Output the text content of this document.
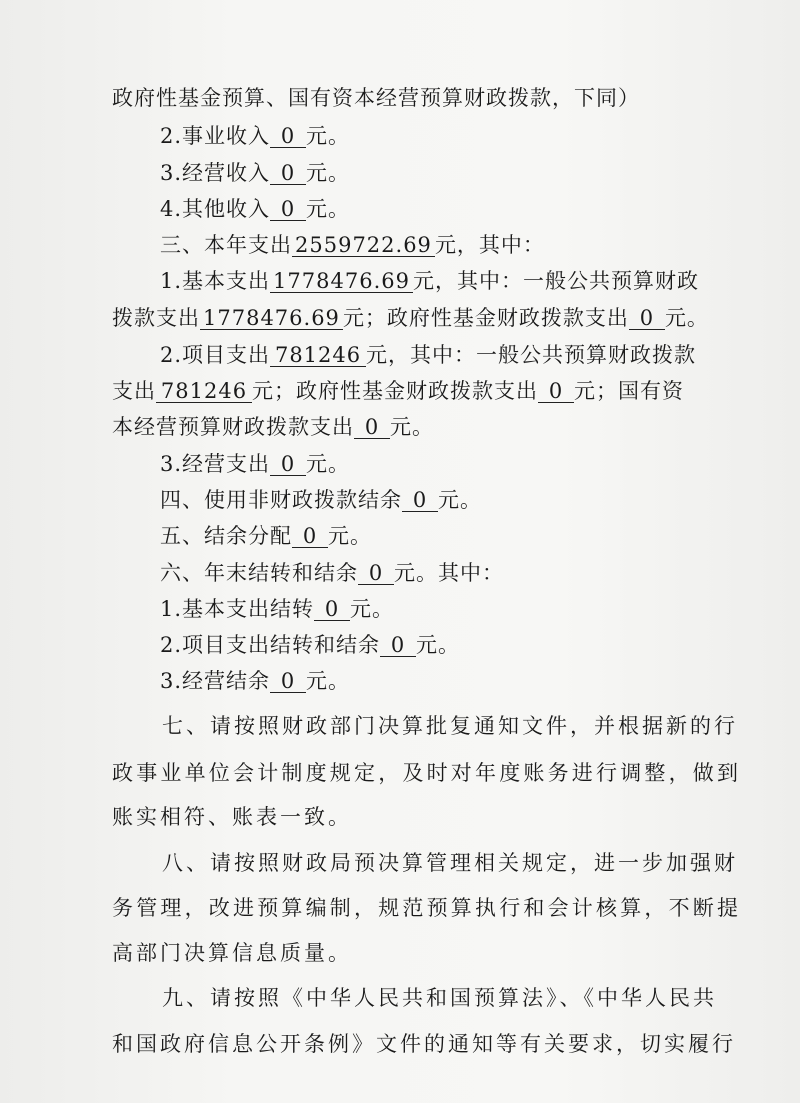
政府性基金预算、国有资本经营预算财政拨款，下同）
2.事业收入 0 元。
3.经营收入 0 元。
4.其他收入 0 元。
三、本年支出 2559722.69 元，其中：
1.基本支出 1778476.69 元，其中：一般公共预算财政
拨款支出 1778476.69 元；政府性基金财政拨款支出 0 元。
2.项目支出 781246 元，其中：一般公共预算财政拨款
支出 781246 元；政府性基金财政拨款支出 0 元；国有资
本经营预算财政拨款支出 0 元。
3.经营支出 0 元。
四、使用非财政拨款结余 0 元。
五、结余分配 0 元。
六、年末结转和结余 0 元。其中：
1.基本支出结转 0 元。
2.项目支出结转和结余 0 元。
3.经营结余 0 元。
七、请按照财政部门决算批复通知文件，并根据新的行
政事业单位会计制度规定，及时对年度账务进行调整，做到
账实相符、账表一致。
八、请按照财政局预决算管理相关规定，进一步加强财
务管理，改进预算编制，规范预算执行和会计核算，不断提
高部门决算信息质量。
九、请按照《中华人民共和国预算法》、《中华人民共
和国政府信息公开条例》文件的通知等有关要求，切实履行
